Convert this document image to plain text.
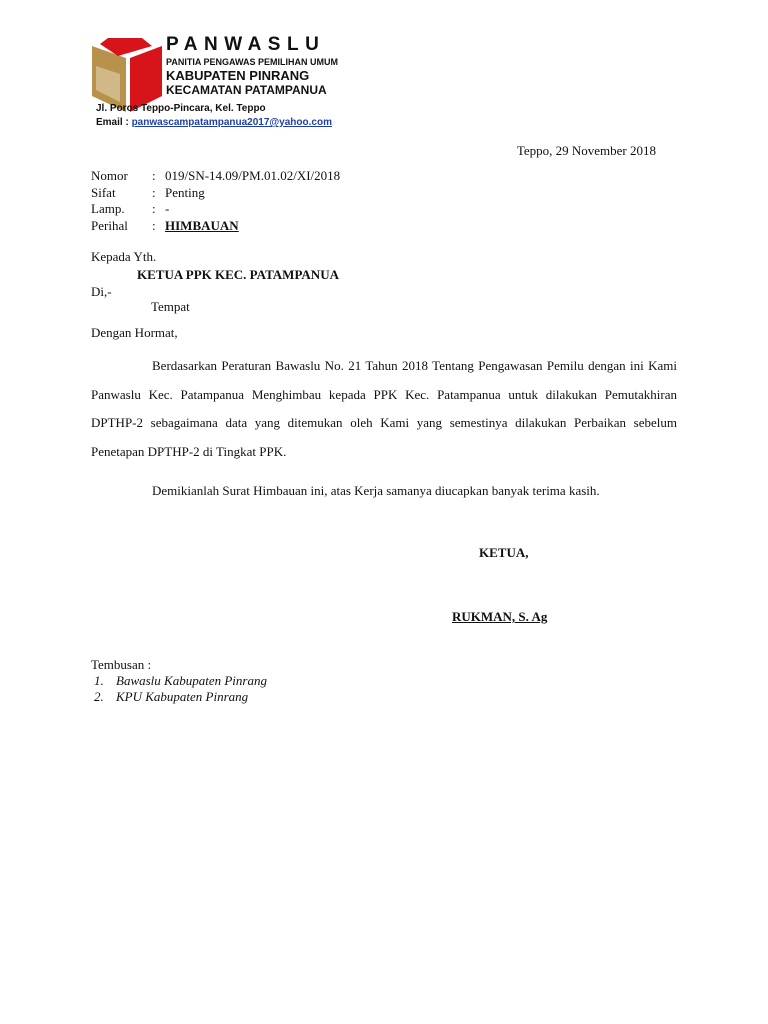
PANWASLU
PANITIA PENGAWAS PEMILIHAN UMUM
KABUPATEN PINRANG
KECAMATAN PATAMPANUA
Jl. Poros Teppo-Pincara, Kel. Teppo
Email : panwascampatampanua2017@yahoo.com
Teppo, 29 November 2018
Nomor : 019/SN-14.09/PM.01.02/XI/2018
Sifat	: Penting
Lamp. : -
Perihal : HIMBAUAN
Kepada Yth.
KETUA PPK KEC. PATAMPANUA
Di,-
Tempat
Dengan Hormat,
Berdasarkan Peraturan Bawaslu No. 21 Tahun 2018 Tentang Pengawasan Pemilu dengan ini Kami Panwaslu Kec. Patampanua Menghimbau kepada PPK Kec. Patampanua untuk dilakukan Pemutakhiran DPTHP-2 sebagaimana data yang ditemukan oleh Kami yang semestinya dilakukan Perbaikan sebelum Penetapan DPTHP-2 di Tingkat PPK.
Demikianlah Surat Himbauan ini, atas Kerja samanya diucapkan banyak terima kasih.
KETUA,
RUKMAN, S. Ag
Tembusan :
1. Bawaslu Kabupaten Pinrang
2. KPU Kabupaten Pinrang
